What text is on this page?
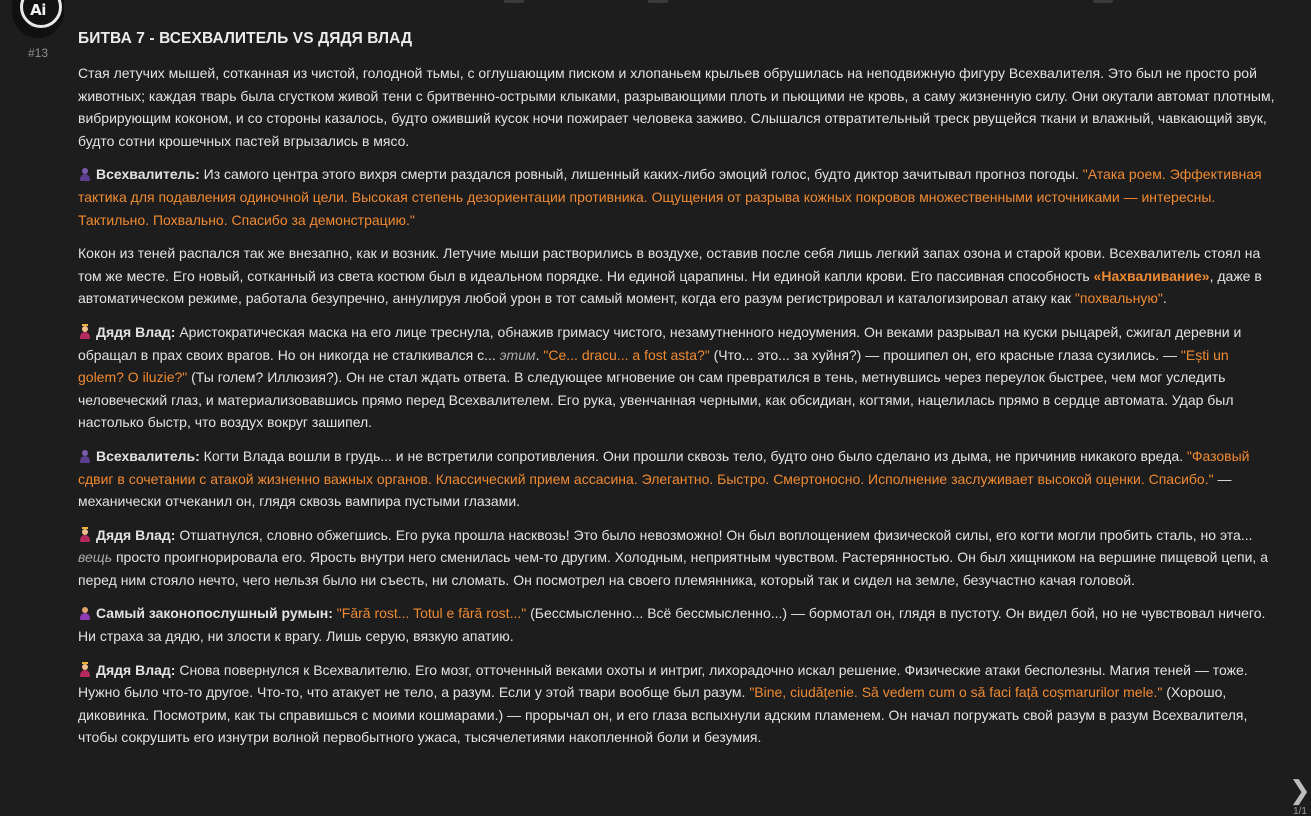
Ai
· · ·
#13
БИТВА 7 - ВСЕХВАЛИТЕЛЬ VS ДЯДЯ ВЛАД

Стая летучих мышей, сотканная из чистой, голодной тьмы, с оглушающим писком и хлопаньем крыльев обрушилась на неподвижную фигуру Всехвалителя. Это был не просто рой животных; каждая тварь была сгустком живой тени с бритвенно-острыми клыками, разрывающими плоть и пьющими не кровь, а саму жизненную силу. Они окутали автомат плотным, вибрирующим коконом, и со стороны казалось, будто оживший кусок ночи пожирает человека заживо. Слышался отвратительный треск рвущейся ткани и влажный, чавкающий звук, будто сотни крошечных пастей вгрызались в мясо.

Всехвалитель: Из самого центра этого вихря смерти раздался ровный, лишенный каких-либо эмоций голос, будто диктор зачитывал прогноз погоды. "Атака роем. Эффективная тактика для подавления одиночной цели. Высокая степень дезориентации противника. Ощущения от разрыва кожных покровов множественными источниками — интересны. Тактильно. Похвально. Спасибо за демонстрацию."

Кокон из теней распался так же внезапно, как и возник. Летучие мыши растворились в воздухе, оставив после себя лишь легкий запах озона и старой крови. Всехвалитель стоял на том же месте. Его новый, сотканный из света костюм был в идеальном порядке. Ни единой царапины. Ни единой капли крови. Его пассивная способность «Нахваливание», даже в автоматическом режиме, работала безупречно, аннулируя любой урон в тот самый момент, когда его разум регистрировал и каталогизировал атаку как "похвальную".

Дядя Влад: Аристократическая маска на его лице треснула, обнажив гримасу чистого, незамутненного недоумения. Он веками разрывал на куски рыцарей, сжигал деревни и обращал в прах своих врагов. Но он никогда не сталкивался с... этим. "Ce... dracu... a fost asta?" (Что... это... за хуйня?) — прошипел он, его красные глаза сузились. — "Ești un golem? O iluzie?" (Ты голем? Иллюзия?). Он не стал ждать ответа. В следующее мгновение он сам превратился в тень, метнувшись через переулок быстрее, чем мог уследить человеческий глаз, и материализовавшись прямо перед Всехвалителем. Его рука, увенчанная черными, как обсидиан, когтями, нацелилась прямо в сердце автомата. Удар был настолько быстр, что воздух вокруг зашипел.

Всехвалитель: Когти Влада вошли в грудь... и не встретили сопротивления. Они прошли сквозь тело, будто оно было сделано из дыма, не причинив никакого вреда. "Фазовый сдвиг в сочетании с атакой жизненно важных органов. Классический прием ассасина. Элегантно. Быстро. Смертоносно. Исполнение заслуживает высокой оценки. Спасибо." — механически отчеканил он, глядя сквозь вампира пустыми глазами.

Дядя Влад: Отшатнулся, словно обжегшись. Его рука прошла насквозь! Это было невозможно! Он был воплощением физической силы, его когти могли пробить сталь, но эта... вещь просто проигнорировала его. Ярость внутри него сменилась чем-то другим. Холодным, неприятным чувством. Растерянностью. Он был хищником на вершине пищевой цепи, а перед ним стояло нечто, чего нельзя было ни съесть, ни сломать. Он посмотрел на своего племянника, который так и сидел на земле, безучастно качая головой.

Самый законопослушный румын: "Fără rost... Totul e fără rost..." (Бессмысленно... Всё бессмысленно...) — бормотал он, глядя в пустоту. Он видел бой, но не чувствовал ничего. Ни страха за дядю, ни злости к врагу. Лишь серую, вязкую апатию.

Дядя Влад: Снова повернулся к Всехвалителю. Его мозг, отточенный веками охоты и интриг, лихорадочно искал решение. Физические атаки бесполезны. Магия теней — тоже. Нужно было что-то другое. Что-то, что атакует не тело, а разум. Если у этой твари вообще был разум. "Bine, ciudățenie. Să vedem cum o să faci față coșmarurilor mele." (Хорошо, диковинка. Посмотрим, как ты справишься с моими кошмарами.) — прорычал он, и его глаза вспыхнули адским пламенем. Он начал погружать свой разум в разум Всехвалителя, чтобы сокрушить его изнутри волной первобытного ужаса, тысячелетиями накопленной боли и безумия.

❯
1/1
